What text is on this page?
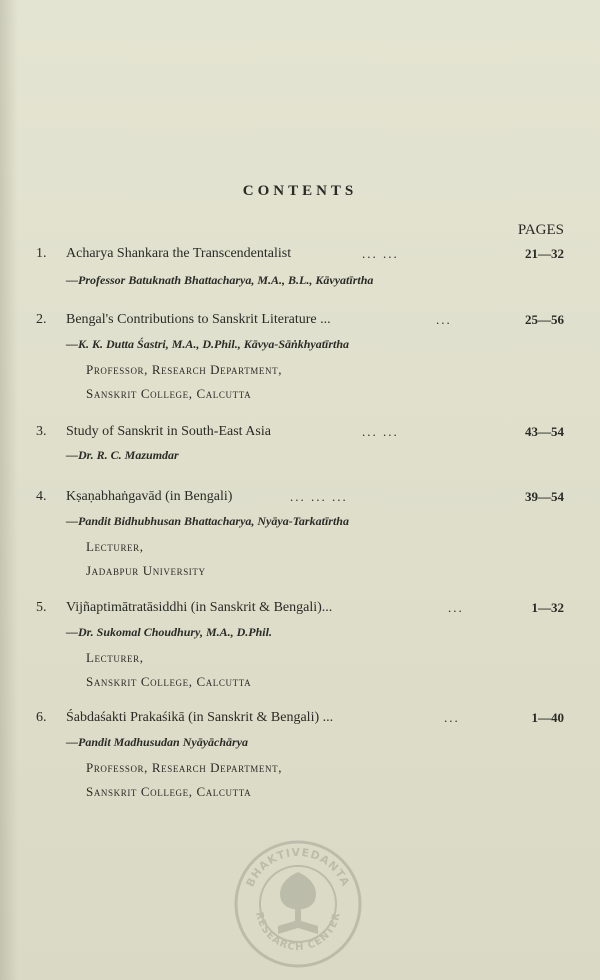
CONTENTS
PAGES
1. Acharya Shankara the Transcendentalist	... ...	21—32
—Professor Batuknath Bhattacharya, M.A., B.L., Kāvyatīrtha
2. Bengal's Contributions to Sanskrit Literature ...	...	25—56
—K. K. Dutta Śastri, M.A., D.Phil., Kāvya-Sāṅkhyatīrtha
Professor, Research Department,
Sanskrit College, Calcutta
3. Study of Sanskrit in South-East Asia	... ...	43—54
—Dr. R. C. Mazumdar
4. Kṣaṇabhaṅgavād (in Bengali)	... ... ...	39—54
—Pandit Bidhubhusan Bhattacharya, Nyāya-Tarkatīrtha
Lecturer,
Jadabpur University
5. Vijñaptimātratāsiddhi (in Sanskrit & Bengali)...	...	1—32
—Dr. Sukomal Choudhury, M.A., D.Phil.
Lecturer,
Sanskrit College, Calcutta
6. Śabdaśakti Prakaśikā (in Sanskrit & Bengali) ...	...	1—40
—Pandit Madhusudan Nyāyāchārya
Professor, Research Department,
Sanskrit College, Calcutta
BHAKTIVEDANTA
RESEARCH CENTER
